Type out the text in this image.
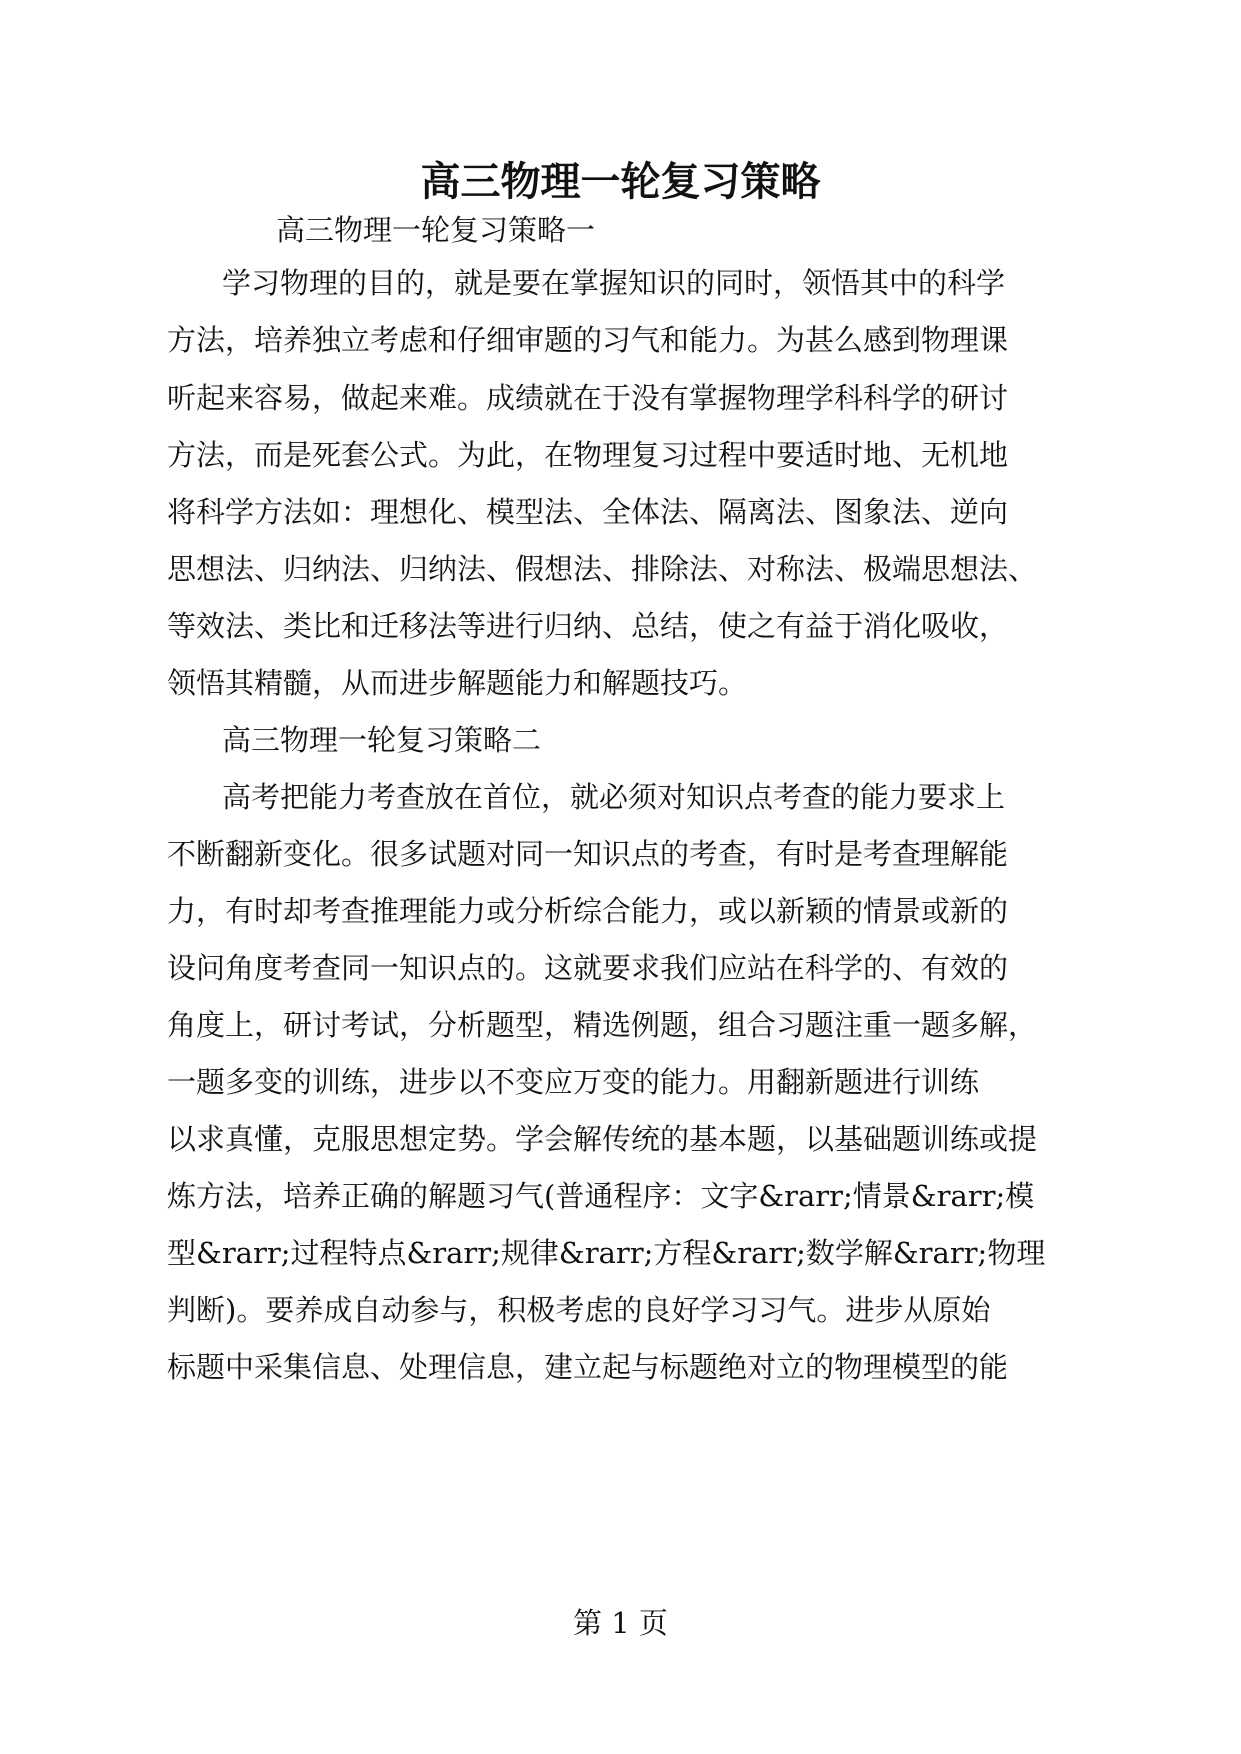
高三物理一轮复习策略
高三物理一轮复习策略一
学习物理的目的，就是要在掌握知识的同时，领悟其中的科学
方法，培养独立考虑和仔细审题的习气和能力。为甚么感到物理课
听起来容易，做起来难。成绩就在于没有掌握物理学科科学的研讨
方法，而是死套公式。为此，在物理复习过程中要适时地、无机地
将科学方法如：理想化、模型法、全体法、隔离法、图象法、逆向
思想法、归纳法、归纳法、假想法、排除法、对称法、极端思想法、
等效法、类比和迁移法等进行归纳、总结，使之有益于消化吸收，
领悟其精髓，从而进步解题能力和解题技巧。
高三物理一轮复习策略二
高考把能力考查放在首位，就必须对知识点考查的能力要求上
不断翻新变化。很多试题对同一知识点的考查，有时是考查理解能
力，有时却考查推理能力或分析综合能力，或以新颖的情景或新的
设问角度考查同一知识点的。这就要求我们应站在科学的、有效的
角度上，研讨考试，分析题型，精选例题，组合习题注重一题多解，
一题多变的训练，进步以不变应万变的能力。用翻新题进行训练
以求真懂，克服思想定势。学会解传统的基本题，以基础题训练或提
炼方法，培养正确的解题习气(普通程序：文字&rarr;情景&rarr;模
型&rarr;过程特点&rarr;规律&rarr;方程&rarr;数学解&rarr;物理
判断)。要养成自动参与，积极考虑的良好学习习气。进步从原始
标题中采集信息、处理信息，建立起与标题绝对立的物理模型的能
第 1 页
